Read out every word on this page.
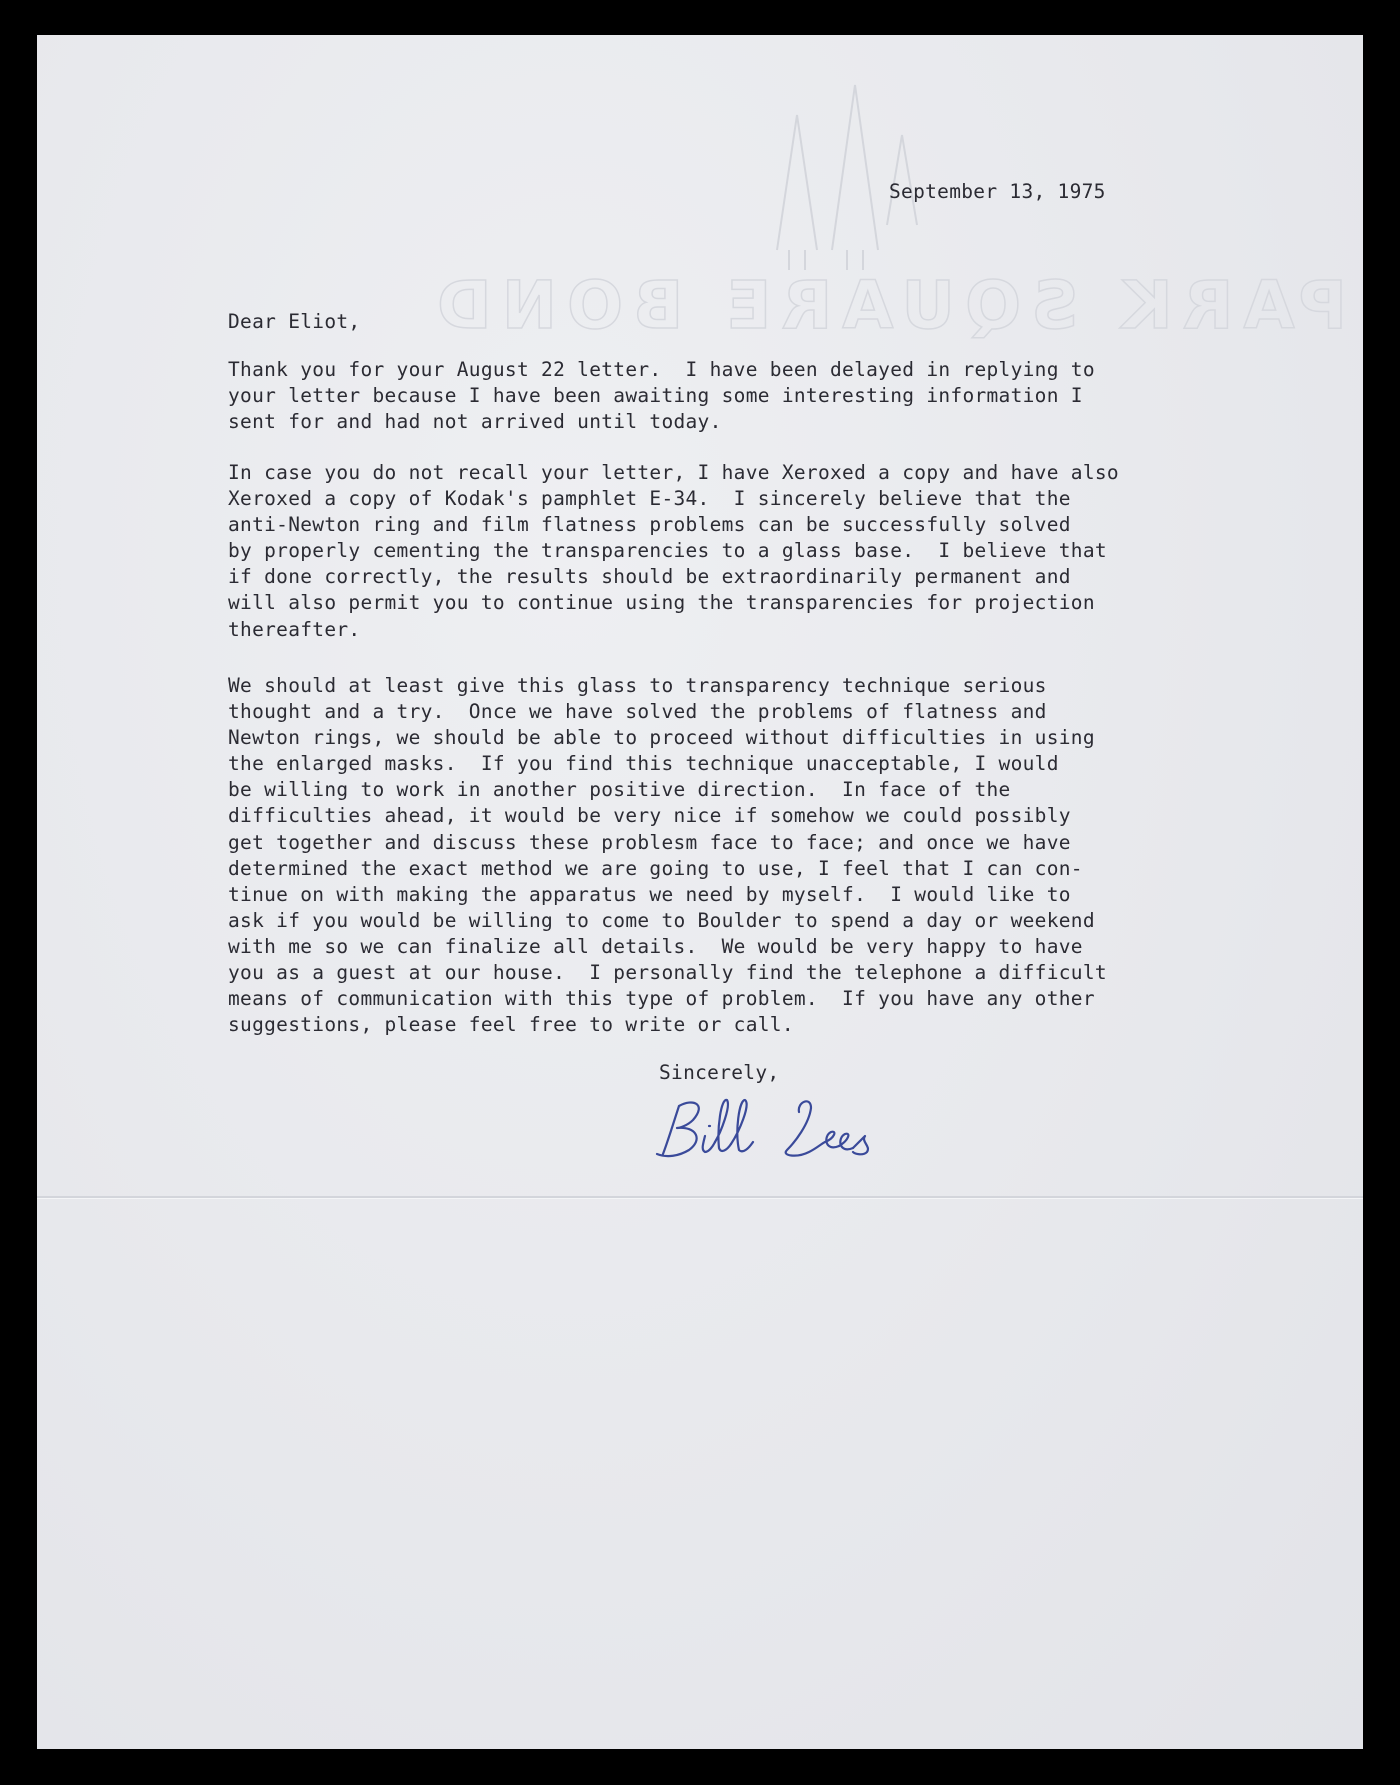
PARK SQUARE BOND
September 13, 1975
Dear Eliot,

Thank you for your August 22 letter.  I have been delayed in replying to
your letter because I have been awaiting some interesting information I
sent for and had not arrived until today.

In case you do not recall your letter, I have Xeroxed a copy and have also
Xeroxed a copy of Kodak's pamphlet E-34.  I sincerely believe that the
anti-Newton ring and film flatness problems can be successfully solved
by properly cementing the transparencies to a glass base.  I believe that
if done correctly, the results should be extraordinarily permanent and
will also permit you to continue using the transparencies for projection
thereafter.

We should at least give this glass to transparency technique serious
thought and a try.  Once we have solved the problems of flatness and
Newton rings, we should be able to proceed without difficulties in using
the enlarged masks.  If you find this technique unacceptable, I would
be willing to work in another positive direction.  In face of the
difficulties ahead, it would be very nice if somehow we could possibly
get together and discuss these problesm face to face; and once we have
determined the exact method we are going to use, I feel that I can con-
tinue on with making the apparatus we need by myself.  I would like to
ask if you would be willing to come to Boulder to spend a day or weekend
with me so we can finalize all details.  We would be very happy to have
you as a guest at our house.  I personally find the telephone a difficult
means of communication with this type of problem.  If you have any other
suggestions, please feel free to write or call.

Sincerely,
